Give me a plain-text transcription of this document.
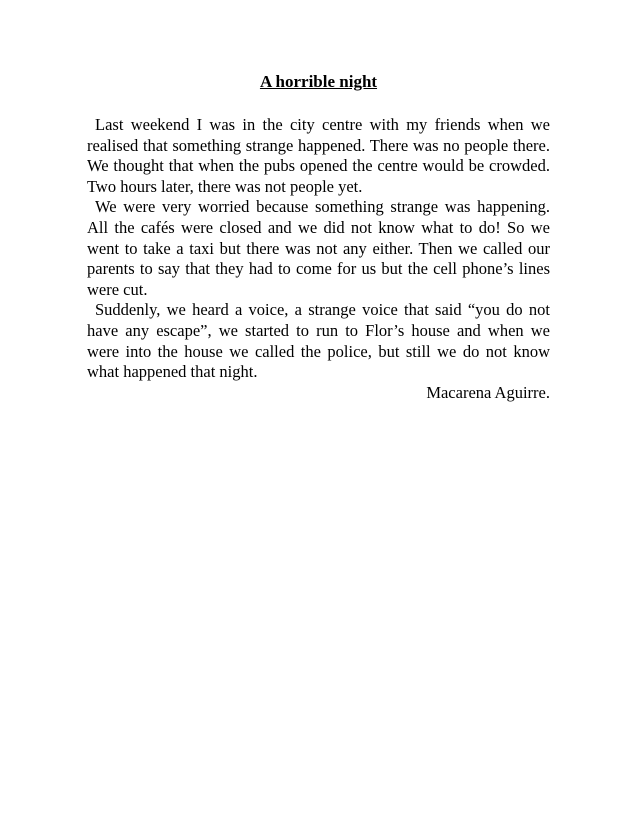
A horrible night

Last weekend I was in the city centre with my friends when we realised that something strange happened. There was no people there. We thought that when the pubs opened the centre would be crowded. Two hours later, there was not people yet.

We were very worried because something strange was happening. All the cafés were closed and we did not know what to do! So we went to take a taxi but there was not any either. Then we called our parents to say that they had to come for us but the cell phone’s lines were cut.

Suddenly, we heard a voice, a strange voice that said “you do not have any escape”, we started to run to Flor’s house and when we were into the house we called the police, but still we do not know what happened that night.

Macarena Aguirre.
